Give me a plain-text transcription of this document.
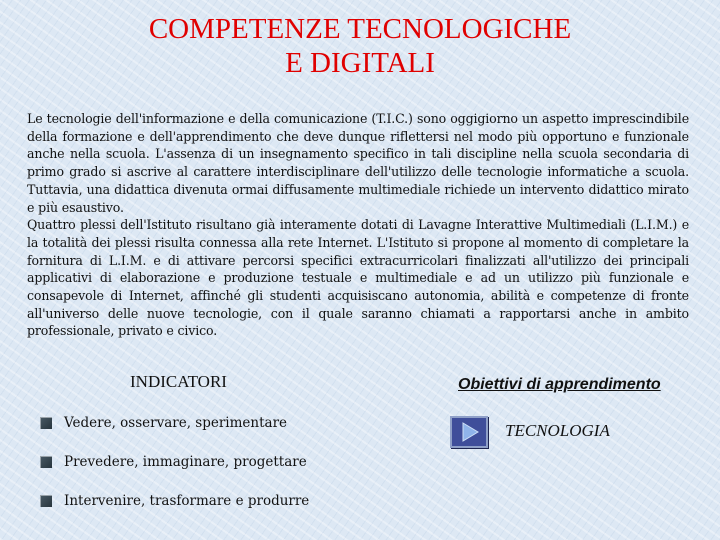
COMPETENZE TECNOLOGICHE
E DIGITALI

Le tecnologie dell'informazione e della comunicazione (T.I.C.) sono oggigiorno un aspetto imprescindibile della formazione e dell'apprendimento che deve dunque riflettersi nel modo più opportuno e funzionale anche nella scuola. L'assenza di un insegnamento specifico in tali discipline nella scuola secondaria di primo grado si ascrive al carattere interdisciplinare dell'utilizzo delle tecnologie informatiche a scuola. Tuttavia, una didattica divenuta ormai diffusamente multimediale richiede un intervento didattico mirato e più esaustivo.

Quattro plessi dell'Istituto risultano già interamente dotati di Lavagne Interattive Multimediali (L.I.M.) e la totalità dei plessi risulta connessa alla rete Internet. L'Istituto si propone al momento di completare la fornitura di L.I.M. e di attivare percorsi specifici extracurricolari finalizzati all'utilizzo dei principali applicativi di elaborazione e produzione testuale e multimediale e ad un utilizzo più funzionale e consapevole di Internet, affinché gli studenti acquisiscano autonomia, abilità e competenze di fronte all'universo delle nuove tecnologie, con il quale saranno chiamati a rapportarsi anche in ambito professionale, privato e civico.

INDICATORI
Vedere, osservare, sperimentare
Prevedere, immaginare, progettare
Intervenire, trasformare e produrre
Obiettivi di apprendimento
TECNOLOGIA
